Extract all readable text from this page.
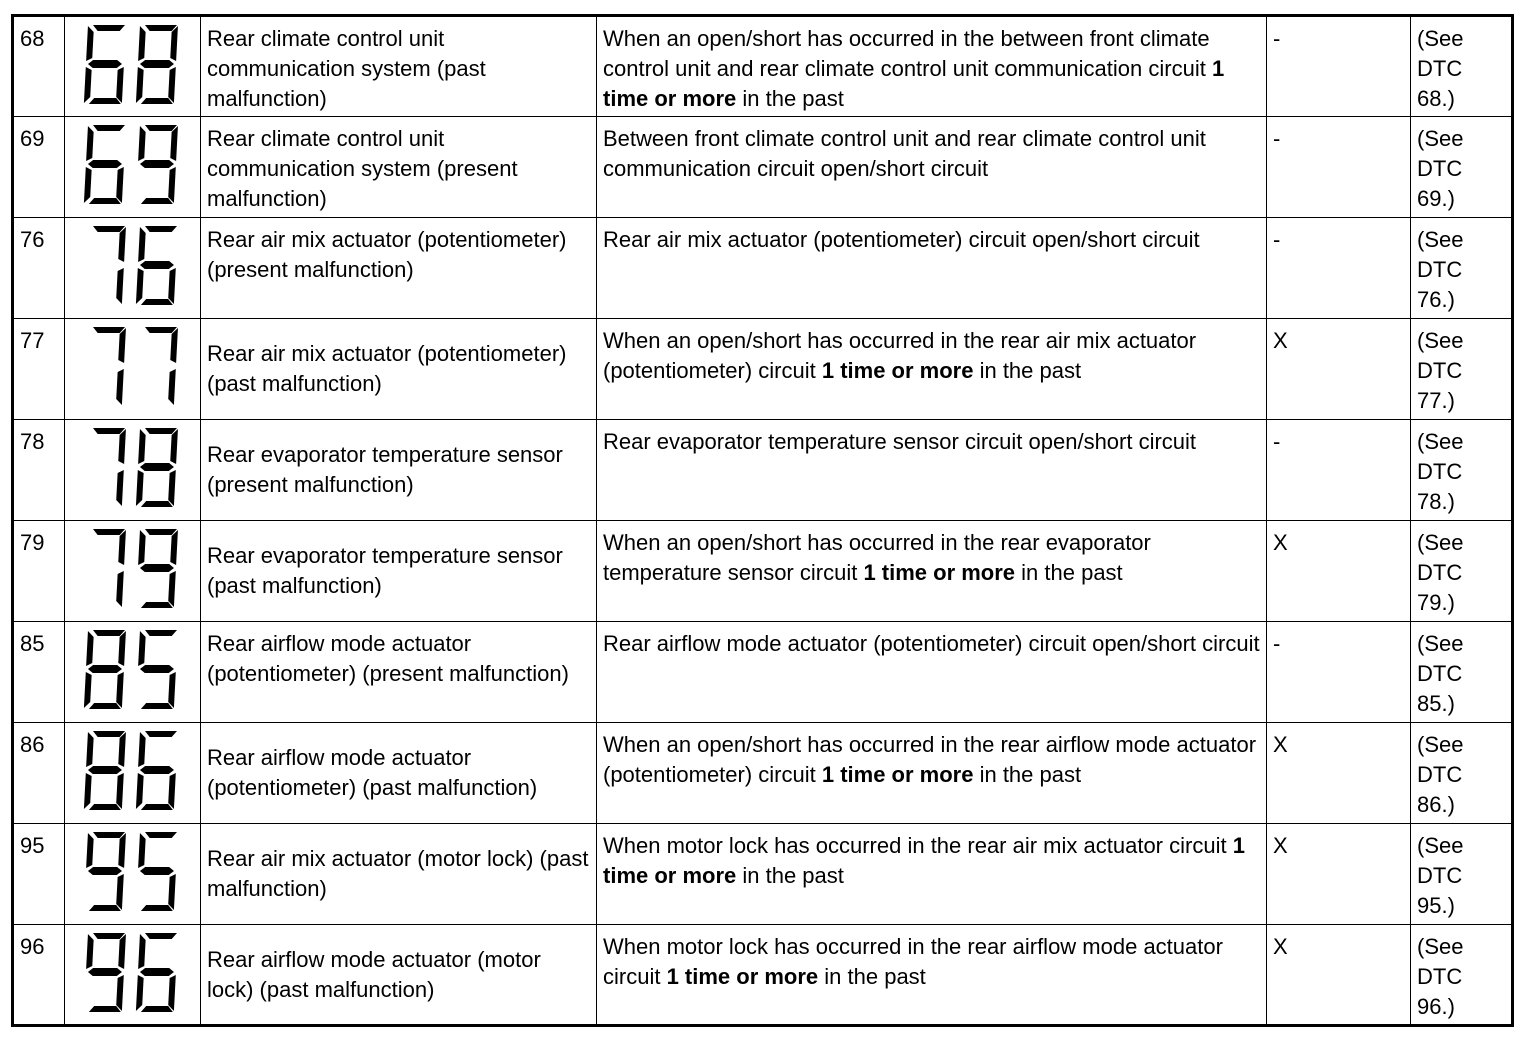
68		Rear climate control unit communication system (past malfunction)	When an open/short has occurred in the between front climate control unit and rear climate control unit communication circuit 1 time or more in the past	-	(See DTC 68.)
69		Rear climate control unit communication system (present malfunction)	Between front climate control unit and rear climate control unit communication circuit open/short circuit	-	(See DTC 69.)
76		Rear air mix actuator (potentiometer) (present malfunction)	Rear air mix actuator (potentiometer) circuit open/short circuit	-	(See DTC 76.)
77		Rear air mix actuator (potentiometer) (past malfunction)	When an open/short has occurred in the rear air mix actuator (potentiometer) circuit 1 time or more in the past	X	(See DTC 77.)
78		Rear evaporator temperature sensor (present malfunction)	Rear evaporator temperature sensor circuit open/short circuit	-	(See DTC 78.)
79		Rear evaporator temperature sensor (past malfunction)	When an open/short has occurred in the rear evaporator temperature sensor circuit 1 time or more in the past	X	(See DTC 79.)
85		Rear airflow mode actuator (potentiometer) (present malfunction)	Rear airflow mode actuator (potentiometer) circuit open/short circuit	-	(See DTC 85.)
86		Rear airflow mode actuator (potentiometer) (past malfunction)	When an open/short has occurred in the rear airflow mode actuator (potentiometer) circuit 1 time or more in the past	X	(See DTC 86.)
95		Rear air mix actuator (motor lock) (past malfunction)	When motor lock has occurred in the rear air mix actuator circuit 1 time or more in the past	X	(See DTC 95.)
96		Rear airflow mode actuator (motor lock) (past malfunction)	When motor lock has occurred in the rear airflow mode actuator circuit 1 time or more in the past	X	(See DTC 96.)
